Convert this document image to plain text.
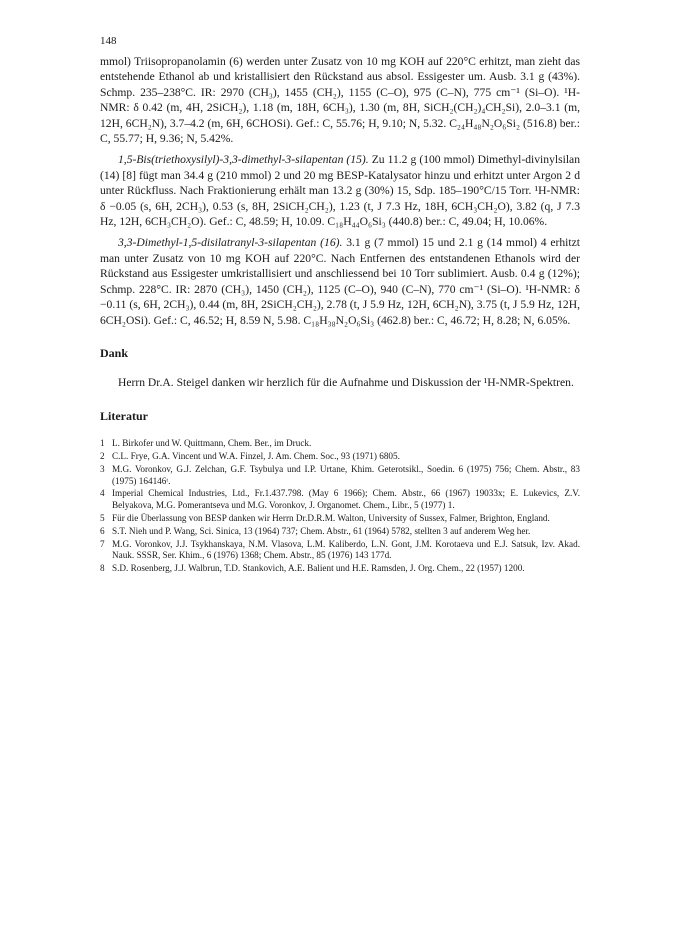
148

mmol) Triisopropanolamin (6) werden unter Zusatz von 10 mg KOH auf 220°C erhitzt, man zieht das entstehende Ethanol ab und kristallisiert den Rückstand aus absol. Essigester um. Ausb. 3.1 g (43%). Schmp. 235–238°C. IR: 2970 (CH₃), 1455 (CH₂), 1155 (C–O), 975 (C–N), 775 cm⁻¹ (Si–O). ¹H-NMR: δ 0.42 (m, 4H, 2SiCH₂), 1.18 (m, 18H, 6CH₃), 1.30 (m, 8H, SiCH₂(CH₂)₄CH₂Si), 2.0–3.1 (m, 12H, 6CH₂N), 3.7–4.2 (m, 6H, 6CHOSi). Gef.: C, 55.76; H, 9.10; N, 5.32. C₂₄H₄₈N₂O₆Si₂ (516.8) ber.: C, 55.77; H, 9.36; N, 5.42%.

1,5-Bis(triethoxysilyl)-3,3-dimethyl-3-silapentan (15). Zu 11.2 g (100 mmol) Dimethyl-divinylsilan (14) [8] fügt man 34.4 g (210 mmol) 2 und 20 mg BESP-Katalysator hinzu und erhitzt unter Argon 2 d unter Rückfluss. Nach Fraktionierung erhält man 13.2 g (30%) 15, Sdp. 185–190°C/15 Torr. ¹H-NMR: δ −0.05 (s, 6H, 2CH₃), 0.53 (s, 8H, 2SiCH₂CH₂), 1.23 (t, J 7.3 Hz, 18H, 6CH₃CH₂O), 3.82 (q, J 7.3 Hz, 12H, 6CH₃CH₂O). Gef.: C, 48.59; H, 10.09. C₁₈H₄₄O₆Si₃ (440.8) ber.: C, 49.04; H, 10.06%.

3,3-Dimethyl-1,5-disilatranyl-3-silapentan (16). 3.1 g (7 mmol) 15 und 2.1 g (14 mmol) 4 erhitzt man unter Zusatz von 10 mg KOH auf 220°C. Nach Entfernen des entstandenen Ethanols wird der Rückstand aus Essigester umkristallisiert und anschliessend bei 10 Torr sublimiert. Ausb. 0.4 g (12%); Schmp. 228°C. IR: 2870 (CH₃), 1450 (CH₂), 1125 (C–O), 940 (C–N), 770 cm⁻¹ (Si–O). ¹H-NMR: δ −0.11 (s, 6H, 2CH₃), 0.44 (m, 8H, 2SiCH₂CH₂), 2.78 (t, J 5.9 Hz, 12H, 6CH₂N), 3.75 (t, J 5.9 Hz, 12H, 6CH₂OSi). Gef.: C, 46.52; H, 8.59 N, 5.98. C₁₈H₃₈N₂O₆Si₃ (462.8) ber.: C, 46.72; H, 8.28; N, 6.05%.

Dank

Herrn Dr.A. Steigel danken wir herzlich für die Aufnahme und Diskussion der ¹H-NMR-Spektren.

Literatur
1 L. Birkofer und W. Quittmann, Chem. Ber., im Druck.
2 C.L. Frye, G.A. Vincent und W.A. Finzel, J. Am. Chem. Soc., 93 (1971) 6805.
3 M.G. Voronkov, G.J. Zelchan, G.F. Tsybulya und I.P. Urtane, Khim. Geterotsikl., Soedin. 6 (1975) 756; Chem. Abstr., 83 (1975) 164146ᵗ.
4 Imperial Chemical Industries, Ltd., Fr.1.437.798. (May 6 1966); Chem. Abstr., 66 (1967) 19033x; E. Lukevics, Z.V. Belyakova, M.G. Pomerantseva und M.G. Voronkov, J. Organomet. Chem., Libr., 5 (1977) 1.
5 Für die Überlassung von BESP danken wir Herrn Dr.D.R.M. Walton, University of Sussex, Falmer, Brighton, England.
6 S.T. Nieh und P. Wang, Sci. Sinica, 13 (1964) 737; Chem. Abstr., 61 (1964) 5782, stellten 3 auf anderem Weg her.
7 M.G. Voronkov, J.J. Tsykhanskaya, N.M. Vlasova, L.M. Kaliberdo, L.N. Gont, J.M. Korotaeva und E.J. Satsuk, Izv. Akad. Nauk. SSSR, Ser. Khim., 6 (1976) 1368; Chem. Abstr., 85 (1976) 143 177d.
8 S.D. Rosenberg, J.J. Walbrun, T.D. Stankovich, A.E. Balient und H.E. Ramsden, J. Org. Chem., 22 (1957) 1200.
